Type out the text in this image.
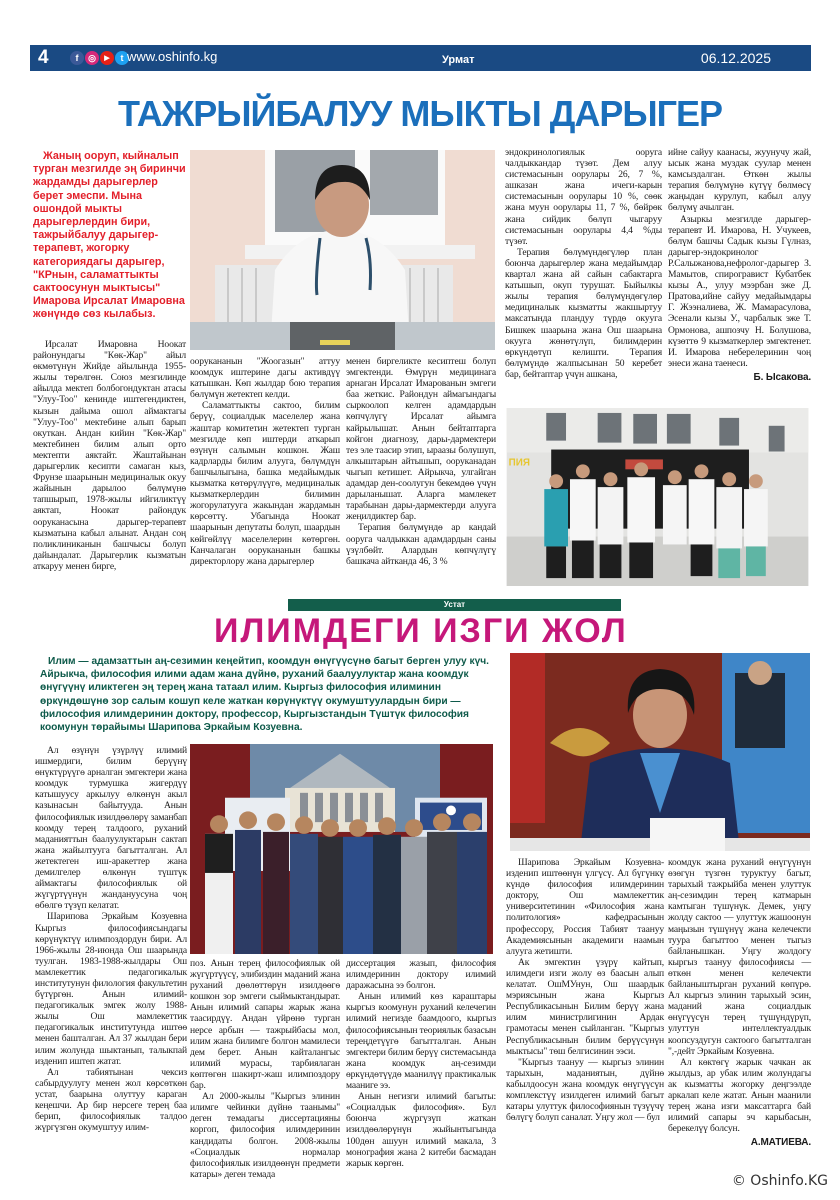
4	f	◎	▶	t www.oshinfo.kg	Урмат	06.12.2025
ТАЖРЫЙБАЛУУ МЫКТЫ ДАРЫГЕР
Жаның ооруп, кыйналып турган мезгилде эң биринчи жардамды дарыгерлер берет эмеспи. Мына ошондой мыкты дарыгерлердин бири, тажрыйбалуу дарыгер-терапевт, жогорку категориядагы дарыгер, "КРнын, саламаттыкты сактоосунун мыктысы" Имарова Ирсалат Имаровна жөнүндө сөз кылабыз.

Ирсалат Имаровна Ноокат районундагы "Көк-Жар" айыл өкмөтүнүн Жийде айылында 1955-жылы төрөлгөн. Союз мезгилинде айылда мектеп болбогондуктан атасы "Улуу-Тоо" кенинде иштегендиктен, кызын дайыма ошол аймактагы "Улуу-Тоо" мектебине алып барып окуткан. Андан кийин "Көк-Жар" мектебинен билим алып орто мектепти аяктайт. Жаштайынан дарыгерлик кесипти самаган кыз, Фрунзе шаарынын медициналык окуу жайынын дарылоо бөлүмүнө тапшырып, 1978-жылы ийгиликтүү аяктап, Ноокат райондук ооруканасына дарыгер-терапевт кызматына кабыл алынат. Андан соң поликлиниканын башчысы болуп дайындалат. Дарыгерлик кызматын аткаруу менен бирге,

оорукананын "Жоогазын" аттуу коомдук иштерине дагы активдүү катышкан. Көп жылдар бою терапия бөлүмүн жетектеп келди.

Саламаттыкты сактоо, билим берүү, социалдык маселелер жана жаштар комитетин жетектеп турган мезгилде көп иштерди аткарып өзүнүн салымын кошкон. Жаш кадрларды билим алууга, бөлүмдүн башчылыгына, башка медайымдык кызматка көтөрүлүүгө, медициналык кызматкерлердин билимин жогорулатууга жакындан жардамын көрсөттү. Убагында Ноокат шаарынын депутаты болуп, шаардын көйгөйлүү маселелерин көтөргөн. Канчалаган оорукананын башкы директорлору жана дарыгерлер

менен биргеликте кесиптеш болуп эмгектенди. Өмүрүн медицинага арнаган Ирсалат Имарованын эмгеги баа жеткис. Райондун аймагындагы сыркоолоп келген адамдардын көпчүлүгү Ирсалат айымга кайрылышат. Анын бейтаптарга койгон диагнозу, дары-дармектери тез эле таасир этип, ыраазы болушуп, алкыштарын айтышып, ооруканадан чыгып кетишет. Айрыкча, улгайган адамдар ден-соолугун бекемдөө үчүн дарыланышат. Аларга мамлекет тарабынан дары-дармектерди алууга жеңилдиктер бар.

Терапия бөлүмүндө ар кандай ооруга чалдыккан адамдардын саны үзүлбөйт. Алардын көпчүлүгү башкача айтканда 46, 3 %

эндокринологиялык ооруга чалдыккандар түзөт. Дем алуу системасынын оорулары 26, 7 %, ашказан жана ичеги-карын системасынын оорулары 10 %, сөөк жана муун оорулары 11, 7 %, бөйрөк жана сийдик бөлүп чыгаруу системасынын оорулары 4,4 %ды түзөт.

Терапия бөлүмүндөгүлөр план боюнча дарыгерлер жана медайымдар квартал жана ай сайын сабактарга катышып, окуп турушат. Быйылкы жылы терапия бөлүмүндөгүлөр медициналык кызматты жакшыртуу максатында пландуу түрдө окууга Бишкек шаарына жана Ош шаарына окууга жөнөтүлүп, билимдерин өркүндөтүп келишти. Терапия бөлүмүндө жалпысынан 50 керебет бар, бейтаптар үчүн ашкана,

ийне сайуу каанасы, жуунучу жай, ысык жана муздак суулар менен камсыздалган. Өткөн жылы терапия бөлүмүнө күтүү бөлмөсү жаңыдан курулуп, кабыл алуу бөлүмү ачылган.

Азыркы мезгилде дарыгер-терапевт И. Имарова, Н. Учукеев, бөлүм башчы Садык кызы Гүлназ, дарыгер-эндокринолог Р.Салыжанова,нефролог-дарыгер З. Мамытов, спирогравист Кубатбек кызы А., улуу мээрбан эже Д. Пратова,ийне сайуу медайымдары Г. Жээналиева, Ж. Мамарасулова, Эсенали кызы У., чарбалык эже Т. Ормонова, ашпозчу Н. Болушова, күзөттө 9 кызматкерлер эмгектенет. И. Имарова неберелеринин чоң энеси жана таенеси.

Б. Ысакова.

ПИЯ
Устат
ИЛИМДЕГИ ИЗГИ ЖОЛ
Илим — адамзаттын аң-сезимин кеңейтип, коомдун өнүгүүсүнө багыт берген улуу күч. Айрыкча, философия илими адам жана дүйнө, руханий баалуулуктар жана коомдук өнүгүүнү иликтеген эң терең жана татаал илим. Кыргыз философия илиминин өркүндөшүнө зор салым кошуп келе жаткан көрүнүктүү окумуштуулардын бири — философия илимдеринин доктору, профессор, Кыргызстандын Түштүк философия коомунун төрайымы Шарипова Эркайым Козуевна.

Ал өзүнүн үзүрлүү илимий ишмердиги, билим берүүнү өнүктүрүүгө арналган эмгектери жана коомдук турмушка жигердүү катышуусу аркылуу өлкөнүн акыл казынасын байытууда. Анын философиялык изилдөөлөрү заманбап коомду терең талдоого, руханий маданияттын баалуулуктарын сактап жана жайылтууга багытталган. Ал жетектеген иш-аракеттер жана демилгелер өлкөнүн түштүк аймактагы философиялык ой жүгүртүүнүн жандануусуна чоң өбөлгө түзүп келатат.

Шарипова Эркайым Козуевна Кыргыз философиясындагы көрүнүктүү илимпоздордун бири. Ал 1966-жылы 28-июнда Ош шаарында туулган. 1983-1988-жылдары Ош мамлекеттик педагогикалык институтунун филология факультетин бүтүргөн. Анын илимий-педагогикалык эмгек жолу 1988-жылы Ош мамлекеттик педагогикалык институтунда иштөө менен башталган. Ал 37 жылдан бери илим жолунда шыктанып, талыкпай изденип иштеп жатат.

Ал табиятынан чексиз сабырдуулугу менен жол көрсөткөн устат, баарына олуттуу караган кеңешчи. Ар бир нерсеге терең баа берип, философиялык талдоо жүргүзгөн окумуштуу илим-

поз. Анын терең философиялык ой жүгүртүүсү, элибиздин маданий жана руханий дөөлөттөрүн изилдөөгө кошкон зор эмгеги сыймыктандырат. Анын илимий сапары жарык жана таасирдүү. Андан үйрөнө турган нерсе арбын — тажрыйбасы мол, илим жана билимге болгон мамилеси дем берет. Анын кайталангыс илимий мурасы, тарбиялаган көптөгөн шакирт-жаш илимпоздору бар.

Ал 2000-жылы "Кыргыз элинин илимге чейинки дүйнө таанымы" деген темадагы диссертацияны коргоп, философия илимдеринин кандидаты болгон. 2008-жылы «Социалдык нормалар философиялык изилдөөнүн предмети катары» деген темада

диссертация жазып, философия илимдеринин доктору илимий даражасына ээ болгон.

Анын илимий көз караштары кыргыз коомунун руханий келечегин илимий негизде баамдоого, кыргыз философиясынын теориялык базасын тереңдетүүгө багытталган. Анын эмгектери билим берүү системасында жана коомдук аң-сезимди өркүндөтүүдө маанилүү практикалык мааниге ээ.

Анын негизги илимий багыты: «Социалдык философия». Бул боюнча жүргүзүп жаткан изилдөөлөрүнүн жыйынтыгында 100дөн ашуун илимий макала, 3 монография жана 2 китеби басмадан жарык көргөн.

Шарипова Эркайым Козуевна-изденип иштөөнүн үлгүсү. Ал бүгүнкү күндө философия илимдеринин доктору, Ош мамлекеттик университетинин «Философия жана политология» кафедрасынын профессору, Россия Табият таануу Академиясынын академиги наамын алууга жетишти.

Ак эмгектин үзүрү кайтып, илимдеги изги жолу өз баасын алып келатат. ОшМУнун, Ош шаардык мэриясынын жана Кыргыз Республикасынын Билим берүү жана илим министрлигинин Ардак грамотасы менен сыйланган. "Кыргыз Республикасынын билим берүүсүнүн мыктысы" төш белгисинин ээси.

"Кыргыз таануу — кыргыз элинин тарыхын, маданиятын, дүйнө кабылдоосун жана коомдук өнүгүүсүн комплекстүү изилдеген илимий багыт катары улуттук философиянын түзүүчү бөлүгү болуп саналат. Уңгу жол — бул

коомдук жана руханий өнүгүүнүн өзөгүн түзгөн туруктуу багыт, тарыхый тажрыйба менен улуттук аң-сезимдин терең катмарын камтыган түшүнүк. Демек, уңгу жолду сактоо — улуттук жашоонун маңызын түшүнүү жана келечекти туура багыттоо менен тыгыз байланышкан. Уңгу жолдогу кыргыз таануу философиясы — өткөн менен келечекти байланыштырган руханий көпүрө. Ал кыргыз элинин тарыхый эсин, маданий жана социалдык өнүгүүсүн терең түшүндүрүп, улуттун интеллектуалдык коопсуздугун сактоого багытталган ",-дейт Эркайым Козуевна.

Ал көктөгү жарык чачкан ак жылдыз, ар убак илим жолундагы ак кызматты жогорку деңгээлде аркалап келе жатат. Анын маанили терең жана изги максаттарга бай илимий сапары эч карыбасын, берекелүү болсун.

А.МАТИЕВА.

© Oshinfo.KG
